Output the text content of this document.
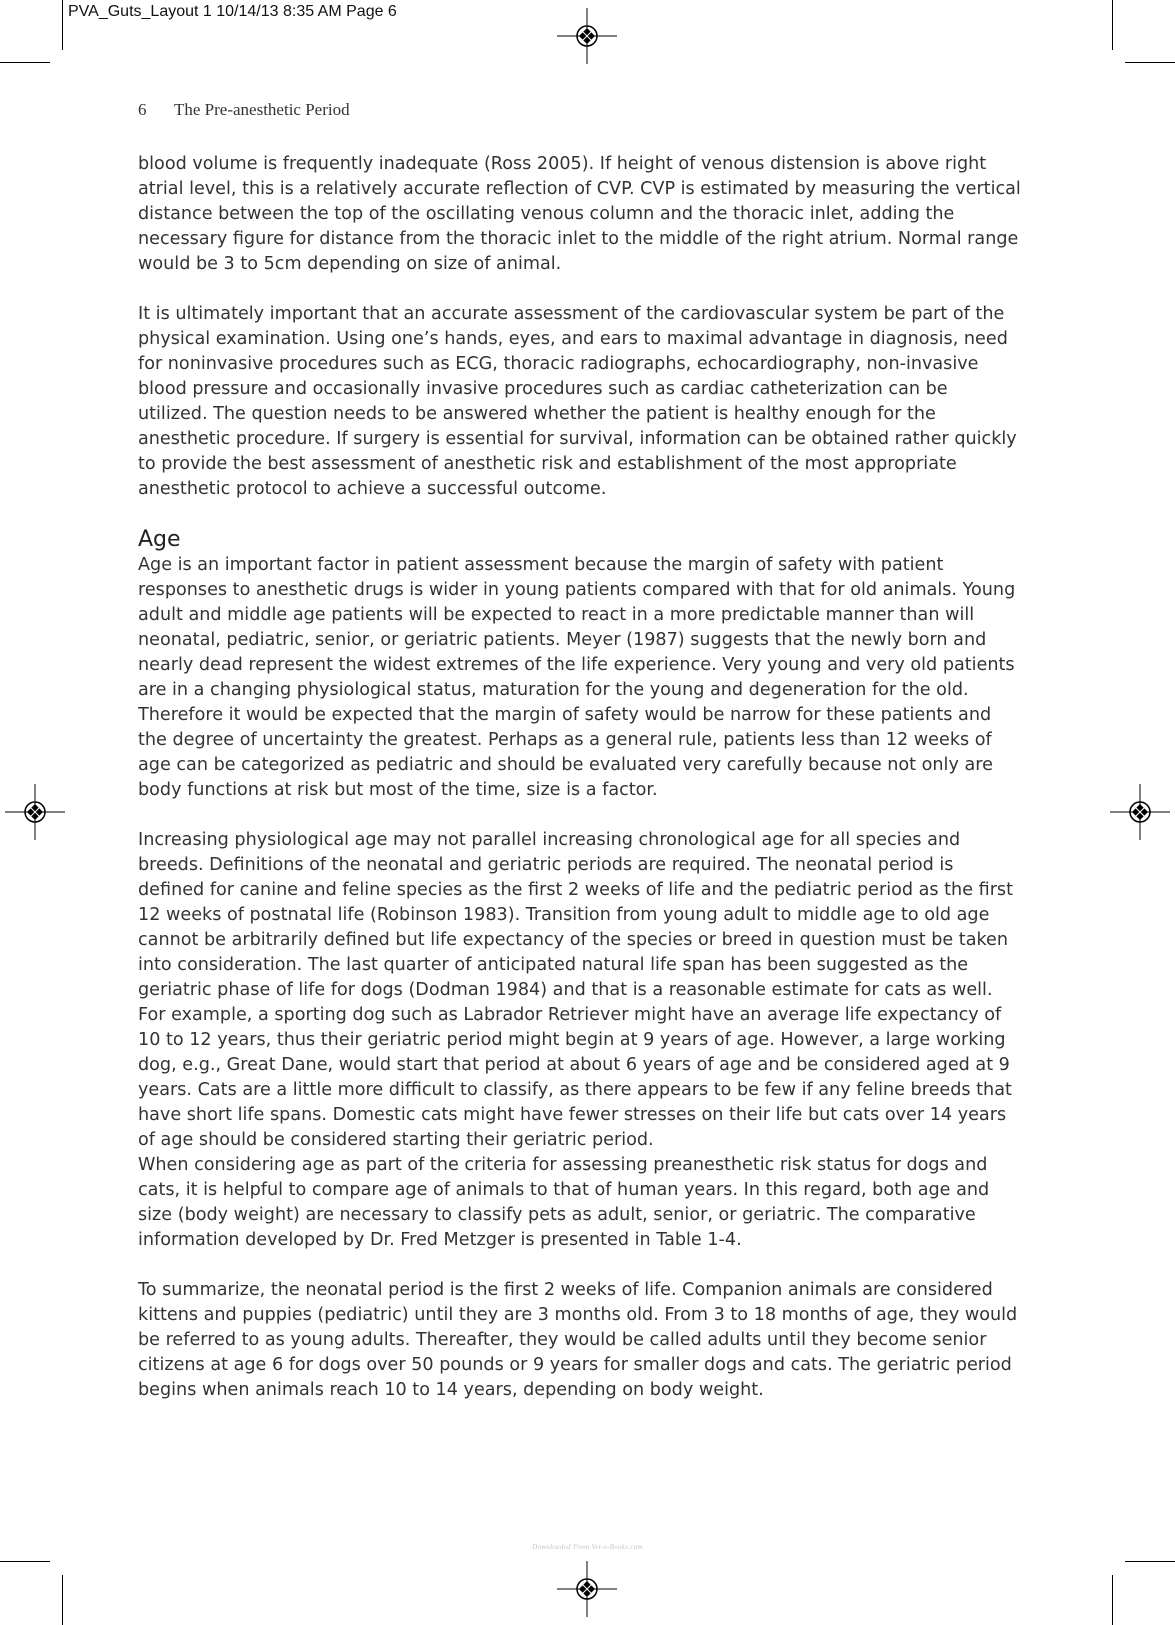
PVA_Guts_Layout 1 10/14/13 8:35 AM Page 6
6 The Pre-anesthetic Period

blood volume is frequently inadequate (Ross 2005). If height of venous distension is above right atrial level, this is a relatively accurate reflection of CVP. CVP is estimated by measuring the vertical distance between the top of the oscillating venous column and the thoracic inlet, adding the necessary figure for distance from the thoracic inlet to the middle of the right atrium. Normal range would be 3 to 5cm depending on size of animal.

It is ultimately important that an accurate assessment of the cardiovascular system be part of the physical examination. Using one’s hands, eyes, and ears to maximal advantage in diagnosis, need for noninvasive procedures such as ECG, thoracic radiographs, echocardiography, non-invasive blood pressure and occasionally invasive procedures such as cardiac catheterization can be utilized. The question needs to be answered whether the patient is healthy enough for the anesthetic procedure. If surgery is essential for survival, information can be obtained rather quickly to provide the best assessment of anesthetic risk and establishment of the most appropriate anesthetic protocol to achieve a successful outcome.

Age

Age is an important factor in patient assessment because the margin of safety with patient responses to anesthetic drugs is wider in young patients compared with that for old animals. Young adult and middle age patients will be expected to react in a more predictable manner than will neonatal, pediatric, senior, or geriatric patients. Meyer (1987) suggests that the newly born and nearly dead represent the widest extremes of the life experience. Very young and very old patients are in a changing physiological status, maturation for the young and degeneration for the old. Therefore it would be expected that the margin of safety would be narrow for these patients and the degree of uncertainty the greatest. Perhaps as a general rule, patients less than 12 weeks of age can be categorized as pediatric and should be evaluated very carefully because not only are body functions at risk but most of the time, size is a factor.

Increasing physiological age may not parallel increasing chronological age for all species and breeds. Definitions of the neonatal and geriatric periods are required. The neonatal period is defined for canine and feline species as the first 2 weeks of life and the pediatric period as the first 12 weeks of postnatal life (Robinson 1983). Transition from young adult to middle age to old age cannot be arbitrarily defined but life expectancy of the species or breed in question must be taken into consideration. The last quarter of anticipated natural life span has been suggested as the geriatric phase of life for dogs (Dodman 1984) and that is a reasonable estimate for cats as well. For example, a sporting dog such as Labrador Retriever might have an average life expectancy of 10 to 12 years, thus their geriatric period might begin at 9 years of age. However, a large working dog, e.g., Great Dane, would start that period at about 6 years of age and be considered aged at 9 years. Cats are a little more difficult to classify, as there appears to be few if any feline breeds that have short life spans. Domestic cats might have fewer stresses on their life but cats over 14 years of age should be considered starting their geriatric period.

When considering age as part of the criteria for assessing preanesthetic risk status for dogs and cats, it is helpful to compare age of animals to that of human years. In this regard, both age and size (body weight) are necessary to classify pets as adult, senior, or geriatric. The comparative information developed by Dr. Fred Metzger is presented in Table 1-4.

To summarize, the neonatal period is the first 2 weeks of life. Companion animals are considered kittens and puppies (pediatric) until they are 3 months old. From 3 to 18 months of age, they would be referred to as young adults. Thereafter, they would be called adults until they become senior citizens at age 6 for dogs over 50 pounds or 9 years for smaller dogs and cats. The geriatric period begins when animals reach 10 to 14 years, depending on body weight.

Downloaded From Vet-e-Books.com
